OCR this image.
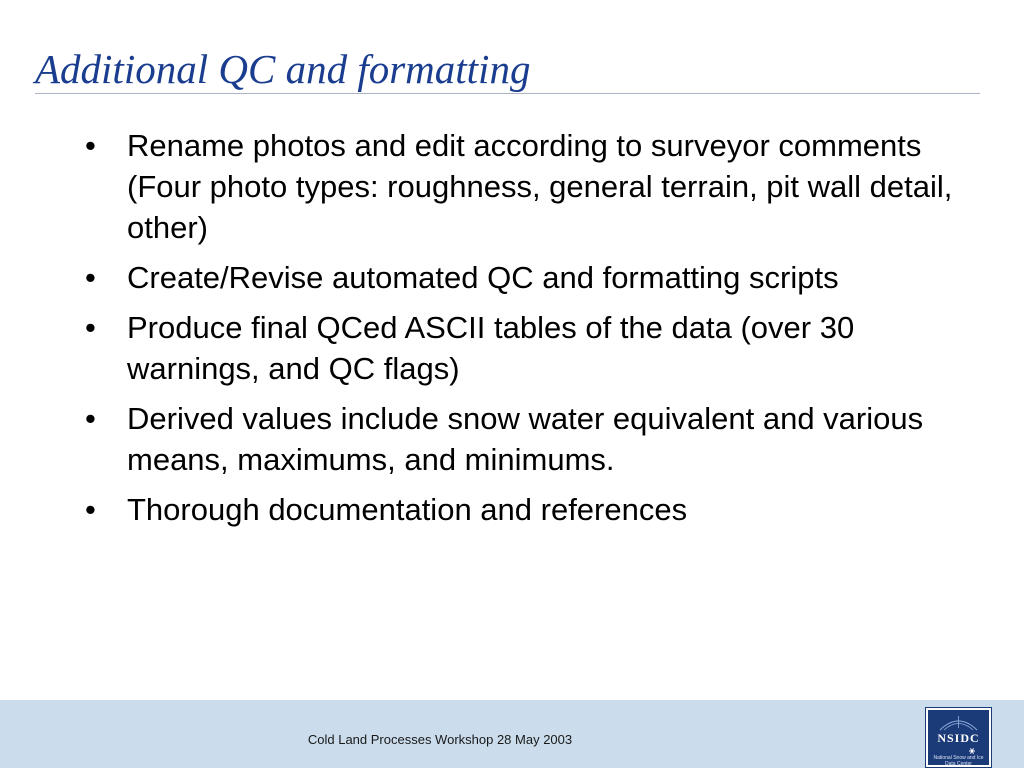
Additional QC and formatting
• Rename photos and edit according to surveyor comments (Four photo types: roughness, general terrain, pit wall detail, other)
• Create/Revise automated QC and formatting scripts
• Produce final QCed ASCII tables of the data (over 30 warnings, and QC flags)
• Derived values include snow water equivalent and various means, maximums, and minimums.
• Thorough documentation and references
Cold Land Processes Workshop 28 May 2003	NSIDC
National Snow and Ice Data Center
